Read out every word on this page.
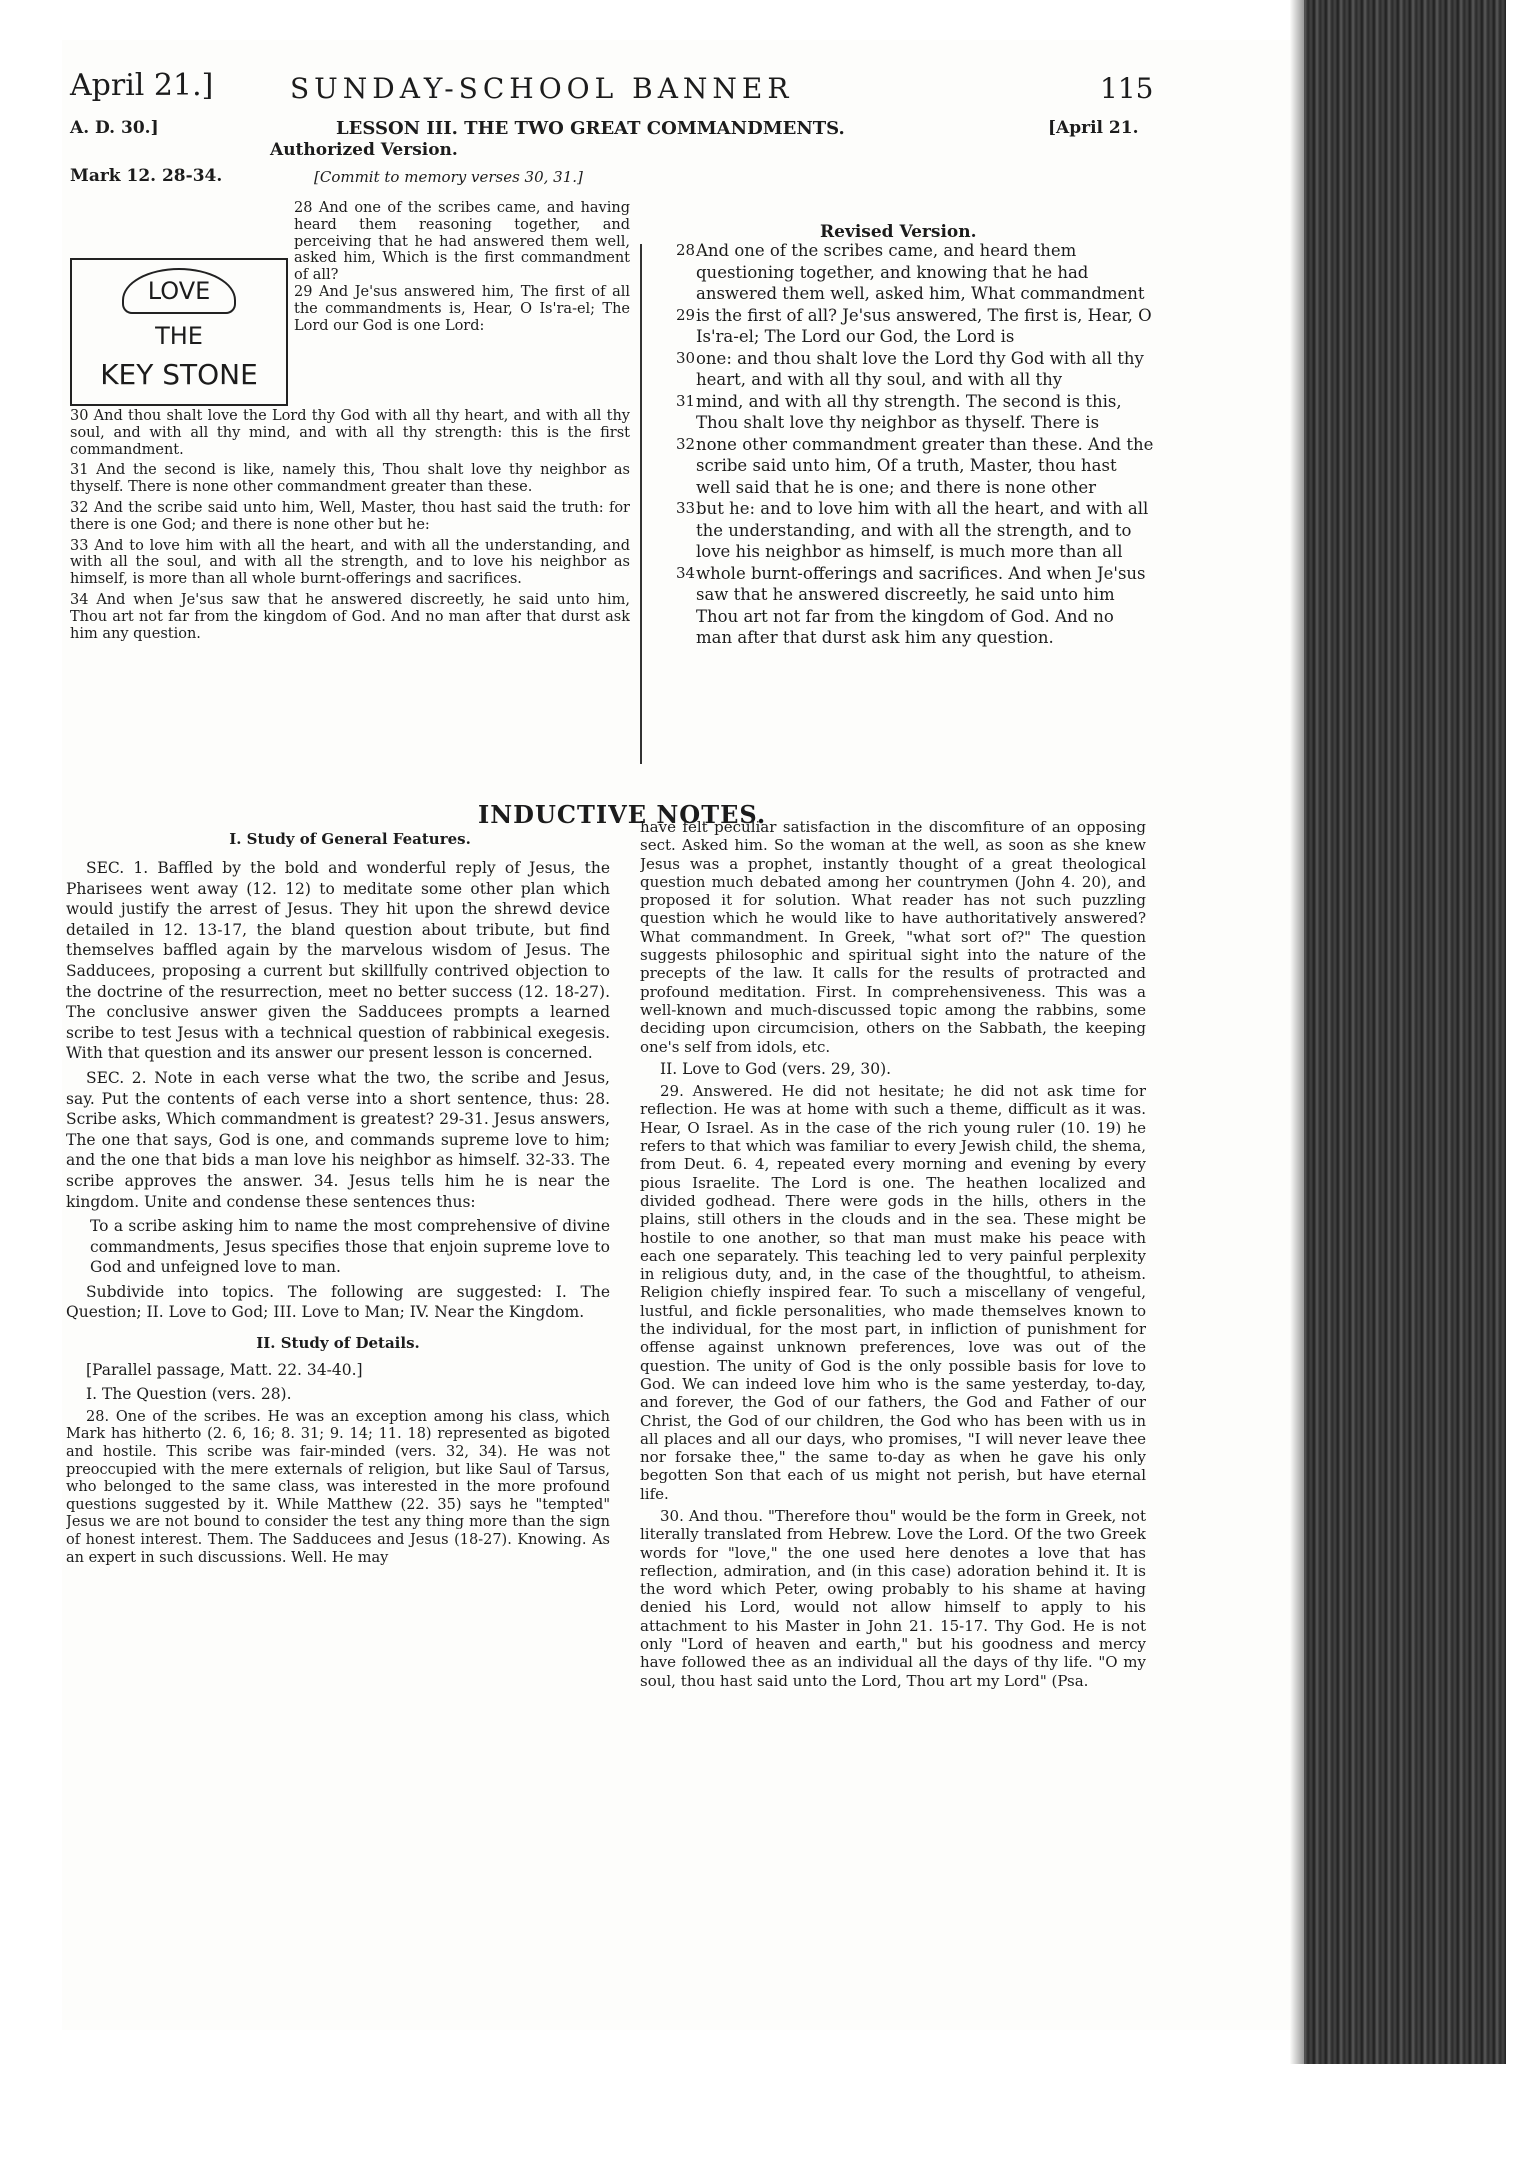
April 21.]	SUNDAY-SCHOOL BANNER	115
A. D. 30.]	LESSON III. THE TWO GREAT COMMANDMENTS.	[April 21.
Authorized Version.
Revised Version.
Mark 12. 28-34.	[Commit to memory verses 30, 31.]
LOVE
THE
KEY STONE

28 And one of the scribes came, and having heard them reasoning together, and perceiving that he had answered them well, asked him, Which is the first commandment of all?

29 And Je'sus answered him, The first of all the commandments is, Hear, O Is'ra-el; The Lord our God is one Lord:

30 And thou shalt love the Lord thy God with all thy heart, and with all thy soul, and with all thy mind, and with all thy strength: this is the first commandment.

31 And the second is like, namely this, Thou shalt love thy neighbor as thyself. There is none other commandment greater than these.

32 And the scribe said unto him, Well, Master, thou hast said the truth: for there is one God; and there is none other but he:

33 And to love him with all the heart, and with all the understanding, and with all the soul, and with all the strength, and to love his neighbor as himself, is more than all whole burnt-offerings and sacrifices.

34 And when Je'sus saw that he answered discreetly, he said unto him, Thou art not far from the kingdom of God. And no man after that durst ask him any question.

28 And one of the scribes came, and heard them questioning together, and knowing that he had answered them well, asked him, What commandment
29 is the first of all? Je'sus answered, The first is, Hear, O Is'ra-el; The Lord our God, the Lord is
30 one: and thou shalt love the Lord thy God with all thy heart, and with all thy soul, and with all thy
31 mind, and with all thy strength. The second is this, Thou shalt love thy neighbor as thyself. There is
32 none other commandment greater than these. And the scribe said unto him, Of a truth, Master, thou hast well said that he is one; and there is none other
33 but he: and to love him with all the heart, and with all the understanding, and with all the strength, and to love his neighbor as himself, is much more than all
34 whole burnt-offerings and sacrifices. And when Je'sus saw that he answered discreetly, he said unto him Thou art not far from the kingdom of God. And no man after that durst ask him any question.
INDUCTIVE NOTES.
I. Study of General Features.

SEC. 1. Baffled by the bold and wonderful reply of Jesus, the Pharisees went away (12. 12) to meditate some other plan which would justify the arrest of Jesus. They hit upon the shrewd device detailed in 12. 13-17, the bland question about tribute, but find themselves baffled again by the marvelous wisdom of Jesus. The Sadducees, proposing a current but skillfully contrived objection to the doctrine of the resurrection, meet no better success (12. 18-27). The conclusive answer given the Sadducees prompts a learned scribe to test Jesus with a technical question of rabbinical exegesis. With that question and its answer our present lesson is concerned.

SEC. 2. Note in each verse what the two, the scribe and Jesus, say. Put the contents of each verse into a short sentence, thus: 28. Scribe asks, Which commandment is greatest? 29-31. Jesus answers, The one that says, God is one, and commands supreme love to him; and the one that bids a man love his neighbor as himself. 32-33. The scribe approves the answer. 34. Jesus tells him he is near the kingdom. Unite and condense these sentences thus:

To a scribe asking him to name the most comprehensive of divine commandments, Jesus specifies those that enjoin supreme love to God and unfeigned love to man.

Subdivide into topics. The following are suggested: I. The Question; II. Love to God; III. Love to Man; IV. Near the Kingdom.

II. Study of Details.

[Parallel passage, Matt. 22. 34-40.]

I. The Question (vers. 28).

28. One of the scribes. He was an exception among his class, which Mark has hitherto (2. 6, 16; 8. 31; 9. 14; 11. 18) represented as bigoted and hostile. This scribe was fair-minded (vers. 32, 34). He was not preoccupied with the mere externals of religion, but like Saul of Tarsus, who belonged to the same class, was interested in the more profound questions suggested by it. While Matthew (22. 35) says he "tempted" Jesus we are not bound to consider the test any thing more than the sign of honest interest. Them. The Sadducees and Jesus (18-27). Knowing. As an expert in such discussions. Well. He may

have felt peculiar satisfaction in the discomfiture of an opposing sect. Asked him. So the woman at the well, as soon as she knew Jesus was a prophet, instantly thought of a great theological question much debated among her countrymen (John 4. 20), and proposed it for solution. What reader has not such puzzling question which he would like to have authoritatively answered? What commandment. In Greek, "what sort of?" The question suggests philosophic and spiritual sight into the nature of the precepts of the law. It calls for the results of protracted and profound meditation. First. In comprehensiveness. This was a well-known and much-discussed topic among the rabbins, some deciding upon circumcision, others on the Sabbath, the keeping one's self from idols, etc.

II. Love to God (vers. 29, 30).

29. Answered. He did not hesitate; he did not ask time for reflection. He was at home with such a theme, difficult as it was. Hear, O Israel. As in the case of the rich young ruler (10. 19) he refers to that which was familiar to every Jewish child, the shema, from Deut. 6. 4, repeated every morning and evening by every pious Israelite. The Lord is one. The heathen localized and divided godhead. There were gods in the hills, others in the plains, still others in the clouds and in the sea. These might be hostile to one another, so that man must make his peace with each one separately. This teaching led to very painful perplexity in religious duty, and, in the case of the thoughtful, to atheism. Religion chiefly inspired fear. To such a miscellany of vengeful, lustful, and fickle personalities, who made themselves known to the individual, for the most part, in infliction of punishment for offense against unknown preferences, love was out of the question. The unity of God is the only possible basis for love to God. We can indeed love him who is the same yesterday, to-day, and forever, the God of our fathers, the God and Father of our Christ, the God of our children, the God who has been with us in all places and all our days, who promises, "I will never leave thee nor forsake thee," the same to-day as when he gave his only begotten Son that each of us might not perish, but have eternal life.

30. And thou. "Therefore thou" would be the form in Greek, not literally translated from Hebrew. Love the Lord. Of the two Greek words for "love," the one used here denotes a love that has reflection, admiration, and (in this case) adoration behind it. It is the word which Peter, owing probably to his shame at having denied his Lord, would not allow himself to apply to his attachment to his Master in John 21. 15-17. Thy God. He is not only "Lord of heaven and earth," but his goodness and mercy have followed thee as an individual all the days of thy life. "O my soul, thou hast said unto the Lord, Thou art my Lord" (Psa.
